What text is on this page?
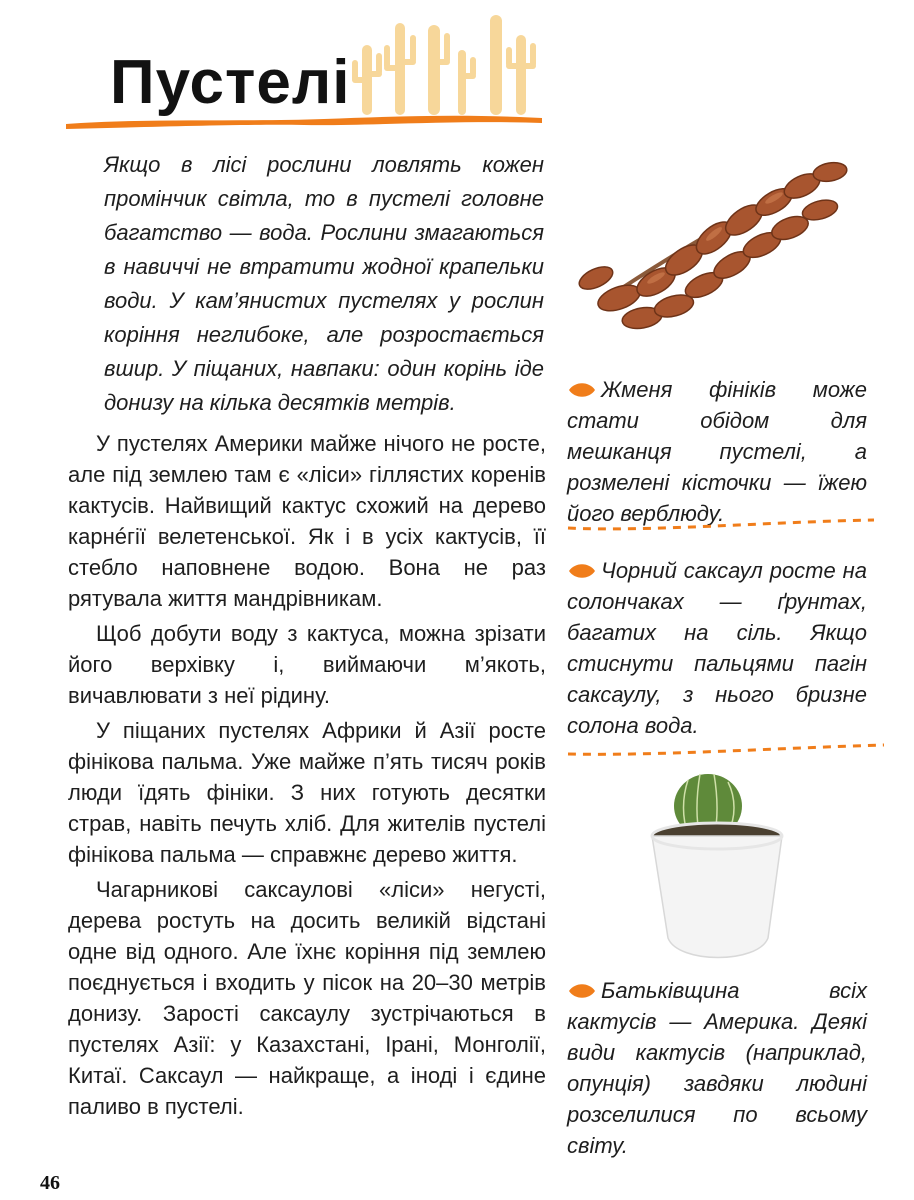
Пустелі

Якщо в лісі рослини ловлять кожен промінчик світла, то в пустелі головне багатство — вода. Рослини змагаються в навиччі не втратити жодної крапельки води. У кам’янистих пустелях у рослин коріння неглибоке, але розростається вшир. У піщаних, навпаки: один корінь іде донизу на кілька десятків метрів.

У пустелях Америки майже нічого не росте, але під землею там є «ліси» гіллястих коренів кактусів. Найвищий кактус схожий на дерево карнéгії велетенської. Як і в усіх кактусів, її стебло наповнене водою. Вона не раз рятувала життя мандрівникам.

Щоб добути воду з кактуса, можна зрізати його верхівку і, виймаючи м’якоть, вичавлювати з неї рідину.

У піщаних пустелях Африки й Азії росте фінікова пальма. Уже майже п’ять тисяч років люди їдять фініки. З них готують десятки страв, навіть печуть хліб. Для жителів пустелі фінікова пальма — справжнє дерево життя.

Чагарникові саксаулові «ліси» негусті, дерева ростуть на досить великій відстані одне від одного. Але їхнє коріння під землею поєднується і входить у пісок на 20–30 метрів донизу. Зарості саксаулу зустрічаються в пустелях Азії: у Казахстані, Ірані, Монголії, Китаї. Саксаул — найкраще, а іноді і єдине паливо в пустелі.

Жменя фініків може стати обідом для мешканця пустелі, а розмелені кісточки — їжею його верблюду.

Чорний саксаул росте на солончаках — ґрунтах, багатих на сіль. Якщо стиснути пальцями пагін саксаулу, з нього бризне солона вода.

Батьківщина всіх кактусів — Америка. Деякі види кактусів (наприклад, опунція) завдяки людині розселилися по всьому світу.

46
